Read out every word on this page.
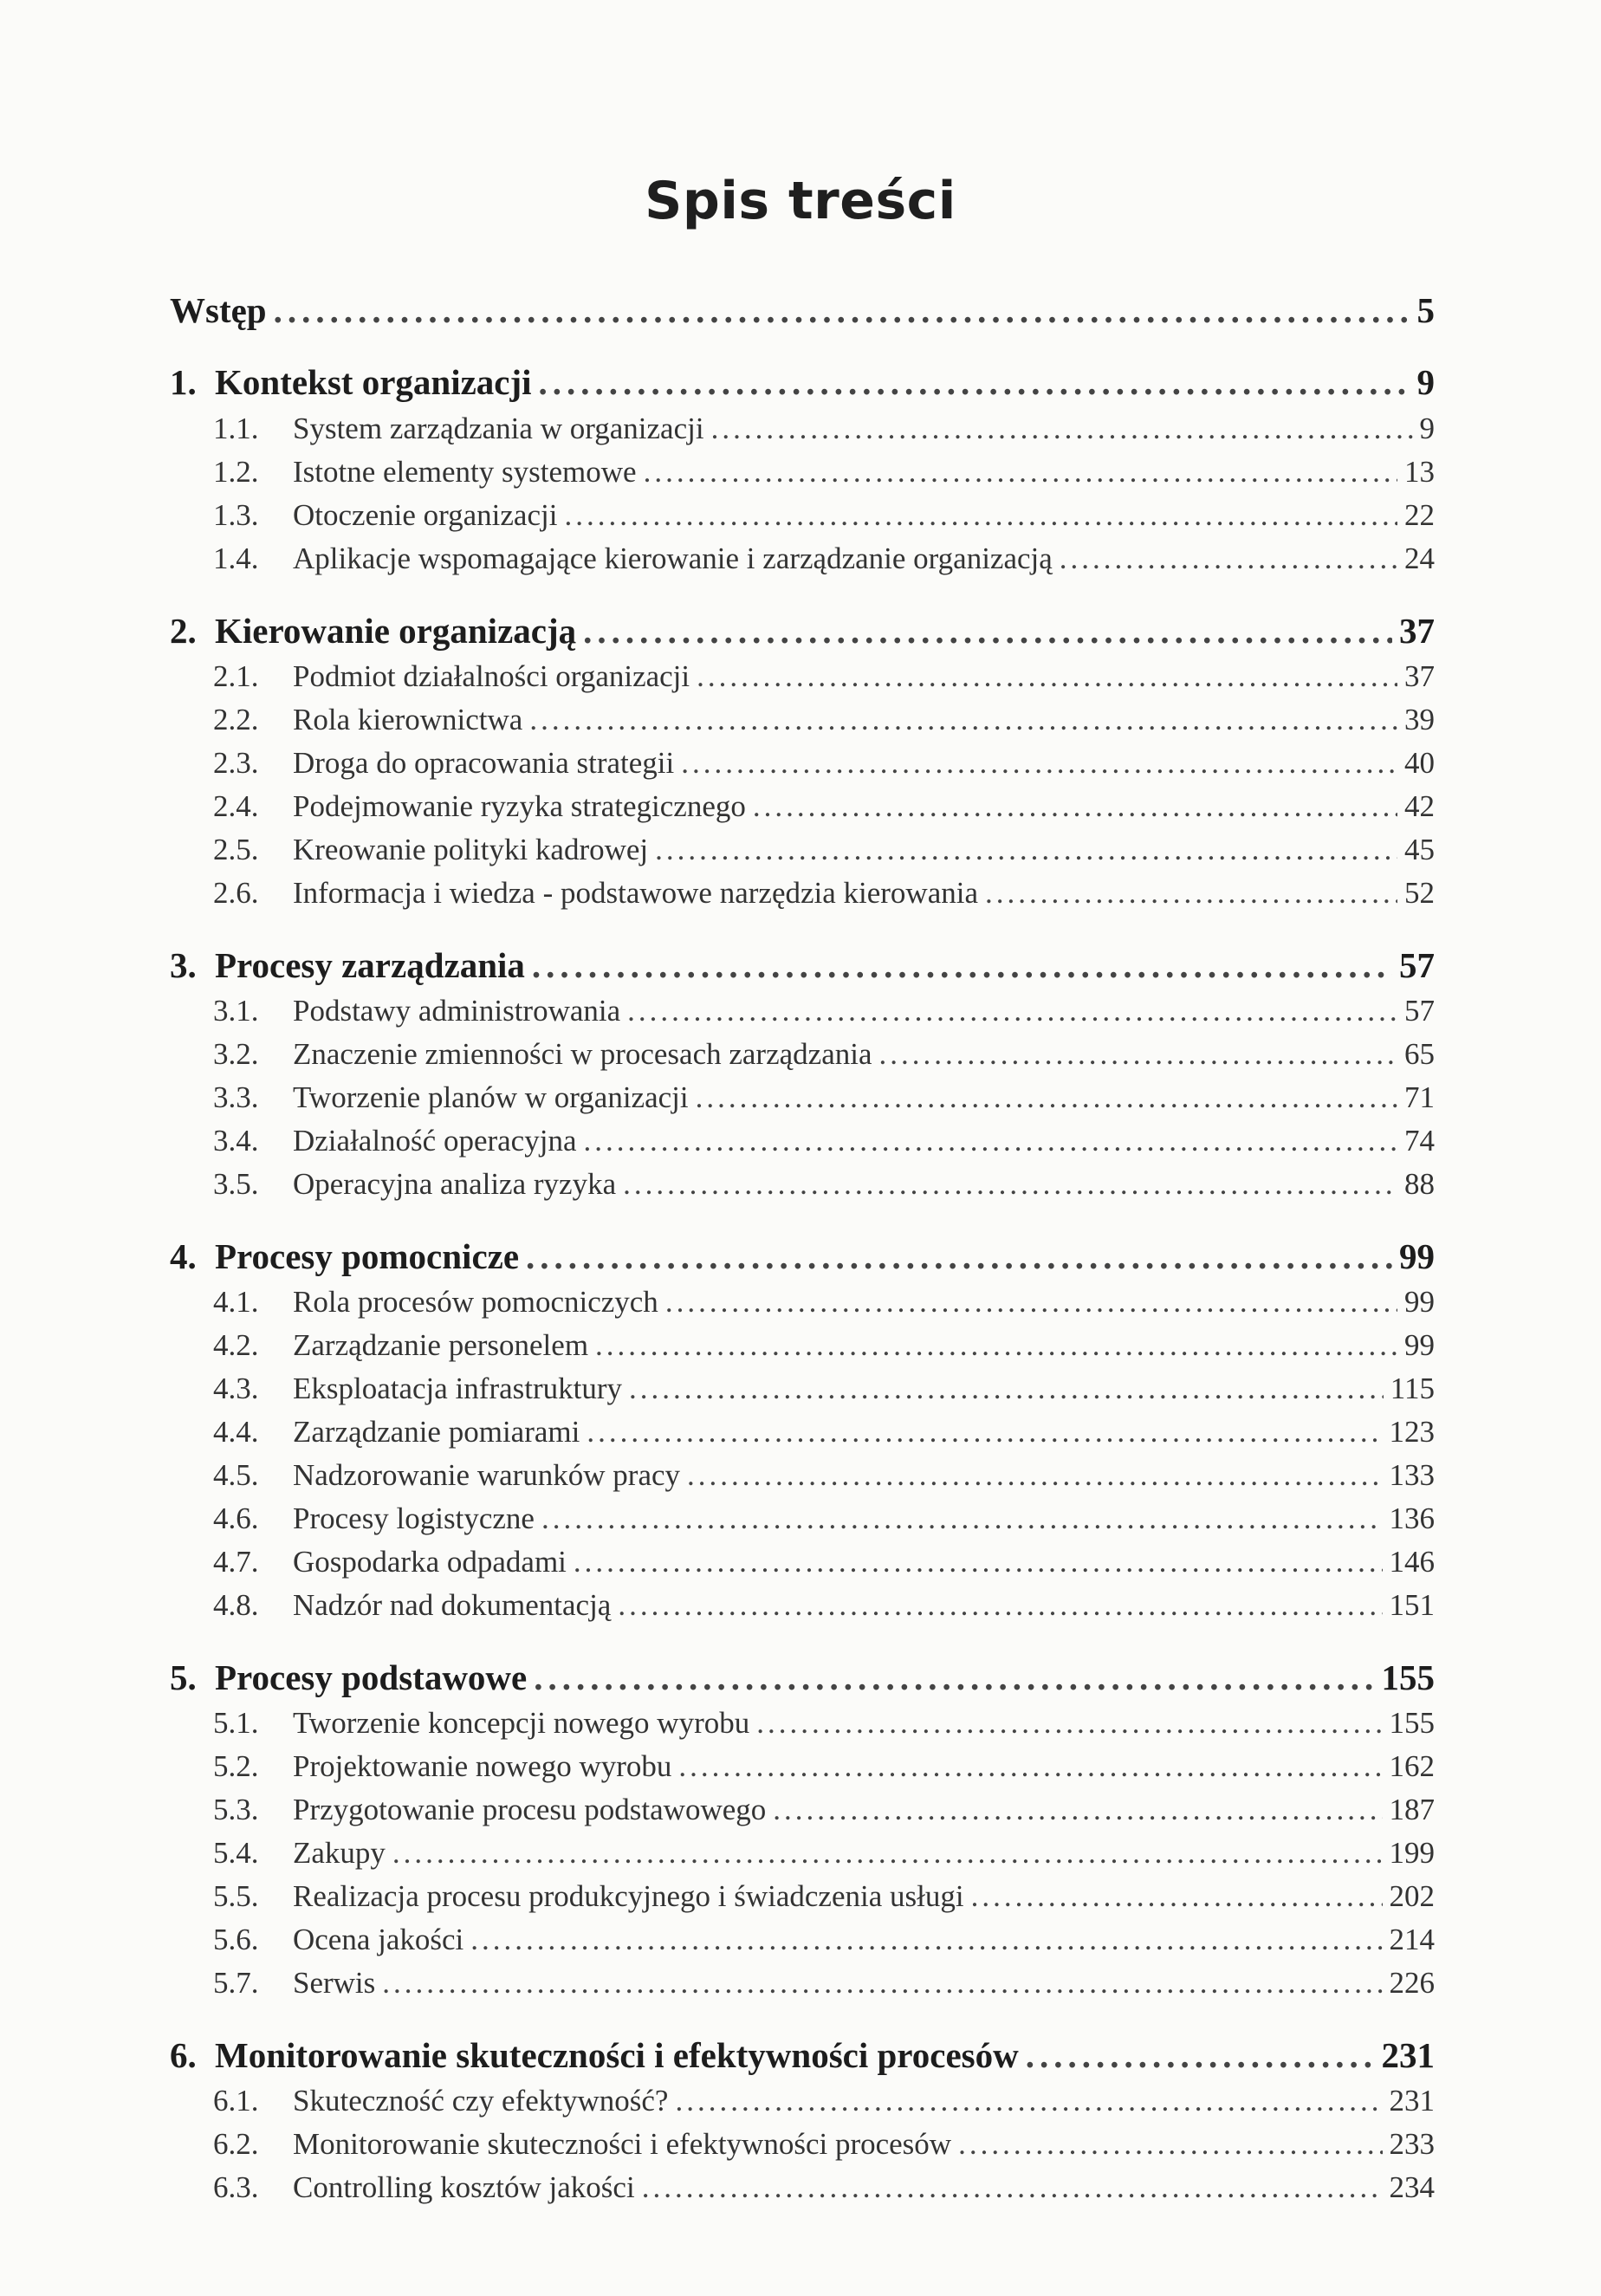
Spis treści
Wstęp .....	5
1. Kontekst organizacji .....	9
1.1.	System zarządzania w organizacji .....	9
1.2.	Istotne elementy systemowe .....	13
1.3.	Otoczenie organizacji .....	22
1.4.	Aplikacje wspomagające kierowanie i zarządzanie organizacją .....	24
2. Kierowanie organizacją .....	37
2.1.	Podmiot działalności organizacji .....	37
2.2.	Rola kierownictwa .....	39
2.3.	Droga do opracowania strategii .....	40
2.4.	Podejmowanie ryzyka strategicznego .....	42
2.5.	Kreowanie polityki kadrowej .....	45
2.6.	Informacja i wiedza - podstawowe narzędzia kierowania .....	52
3. Procesy zarządzania .....	57
3.1.	Podstawy administrowania .....	57
3.2.	Znaczenie zmienności w procesach zarządzania .....	65
3.3.	Tworzenie planów w organizacji .....	71
3.4.	Działalność operacyjna .....	74
3.5.	Operacyjna analiza ryzyka .....	88
4. Procesy pomocnicze .....	99
4.1.	Rola procesów pomocniczych .....	99
4.2.	Zarządzanie personelem .....	99
4.3.	Eksploatacja infrastruktury .....	115
4.4.	Zarządzanie pomiarami .....	123
4.5.	Nadzorowanie warunków pracy .....	133
4.6.	Procesy logistyczne .....	136
4.7.	Gospodarka odpadami .....	146
4.8.	Nadzór nad dokumentacją .....	151
5. Procesy podstawowe .....	155
5.1.	Tworzenie koncepcji nowego wyrobu .....	155
5.2.	Projektowanie nowego wyrobu .....	162
5.3.	Przygotowanie procesu podstawowego .....	187
5.4.	Zakupy .....	199
5.5.	Realizacja procesu produkcyjnego i świadczenia usługi .....	202
5.6.	Ocena jakości .....	214
5.7.	Serwis .....	226
6. Monitorowanie skuteczności i efektywności procesów .....	231
6.1.	Skuteczność czy efektywność? .....	231
6.2.	Monitorowanie skuteczności i efektywności procesów .....	233
6.3.	Controlling kosztów jakości .....	234
